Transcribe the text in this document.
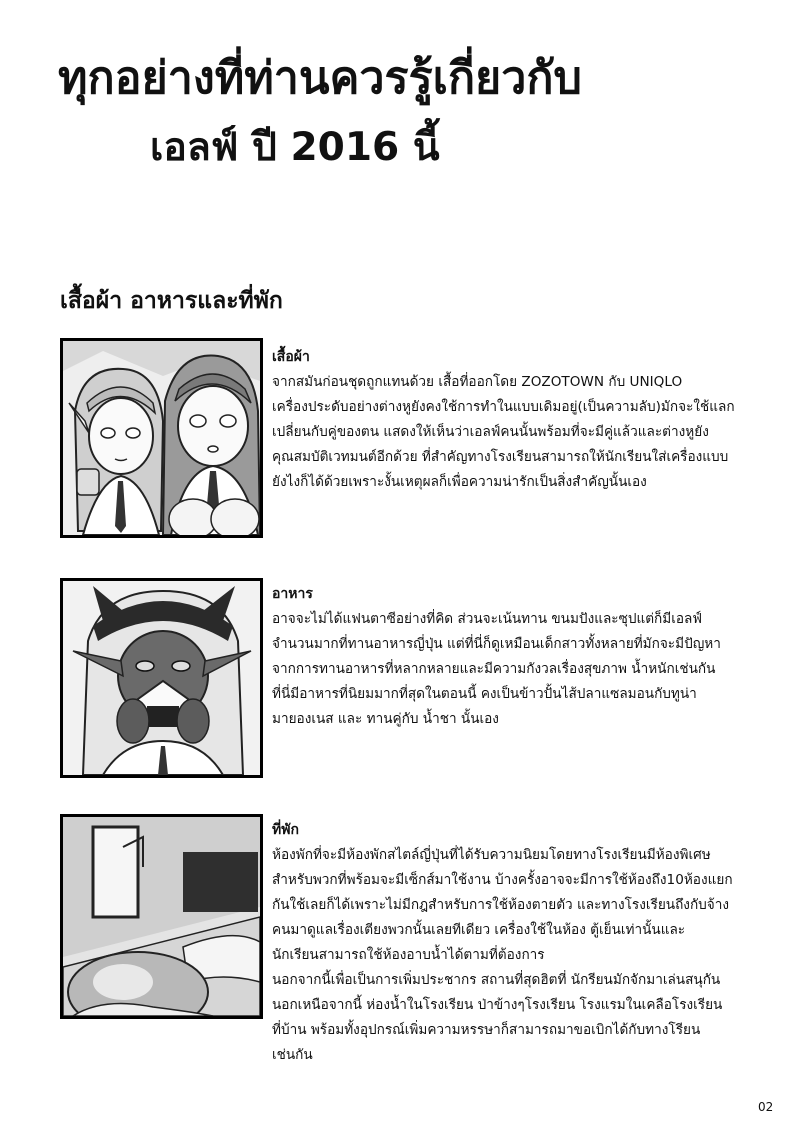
ทุกอย่างที่ท่านควรรู้เกี่ยวกับ
เอลฟ์ ปี 2016 นี้
เสื้อผ้า อาหารและที่พัก
เสื้อผ้า
จากสมันก่อนชุดถูกแทนด้วย เสื้อที่ออกโดย ZOZOTOWN กับ UNIQLO
เครื่องประดับอย่างต่างหูยังคงใช้การทำในแบบเดิมอยู่(เป็นความลับ)มักจะใช้แลก
เปลี่ยนกับคู่ของตน แสดงให้เห็นว่าเอลฟ์คนนั้นพร้อมที่จะมีคู่แล้วและต่างหูยัง
คุณสมบัติเวทมนต์อีกด้วย ที่สำคัญทางโรงเรียนสามารถให้นักเรียนใส่เครื่องแบบ
ยังไงก็ได้ด้วยเพราะงั้นเหตุผลก็เพื่อความน่ารักเป็นสิ่งสำคัญนั้นเอง
อาหาร
อาจจะไม่ได้แฟนตาซีอย่างที่คิด ส่วนจะเน้นทาน ขนมปังและซุปแต่ก็มีเอลฟ์
จำนวนมากที่ทานอาหารญี่ปุ่น แต่ที่นี่ก็ดูเหมือนเด็กสาวทั้งหลายที่มักจะมีปัญหา
จากการทานอาหารที่หลากหลายและมีความกังวลเรื่องสุขภาพ น้ำหนักเช่นกัน
ที่นี่มีอาหารที่นิยมมากที่สุดในตอนนี้ คงเป็นข้าวปั้นไส้ปลาแซลมอนกับทูน่า
มายองเนส และ ทานคู่กับ น้ำชา นั้นเอง
ที่พัก
ห้องพักที่จะมีห้องพักสไตล์ญี่ปุ่นที่ได้รับความนิยมโดยทางโรงเรียนมีห้องพิเศษ
สำหรับพวกที่พร้อมจะมีเซ็กส์มาใช้งาน บ้างครั้งอาจจะมีการใช้ห้องถึง10ห้องแยก
กันใช้เลยก็ได้เพราะไม่มีกฎสำหรับการใช้ห้องตายตัว และทางโรงเรียนถึงกับจ้าง
คนมาดูแลเรื่องเตียงพวกนั้นเลยทีเดียว เครื่องใช้ในห้อง ตู้เย็นเท่านั้นและ
นักเรียนสามารถใช้ห้องอาบน้ำได้ตามที่ต้องการ
นอกจากนี้เพื่อเป็นการเพิ่มประชากร สถานที่สุดฮิตที่ นักรียนมักจักมาเล่นสนุกัน
นอกเหนือจากนี้ ห่องน้ำในโรงเรียน ป่าข้างๆโรงเรียน โรงแรมในเคลือโรงเรียน
ที่บ้าน พร้อมทั้งอุปกรณ์เพิ่มความหรรษาก็สามารถมาขอเบิกได้กับทางโรียน
เช่นกัน
02
